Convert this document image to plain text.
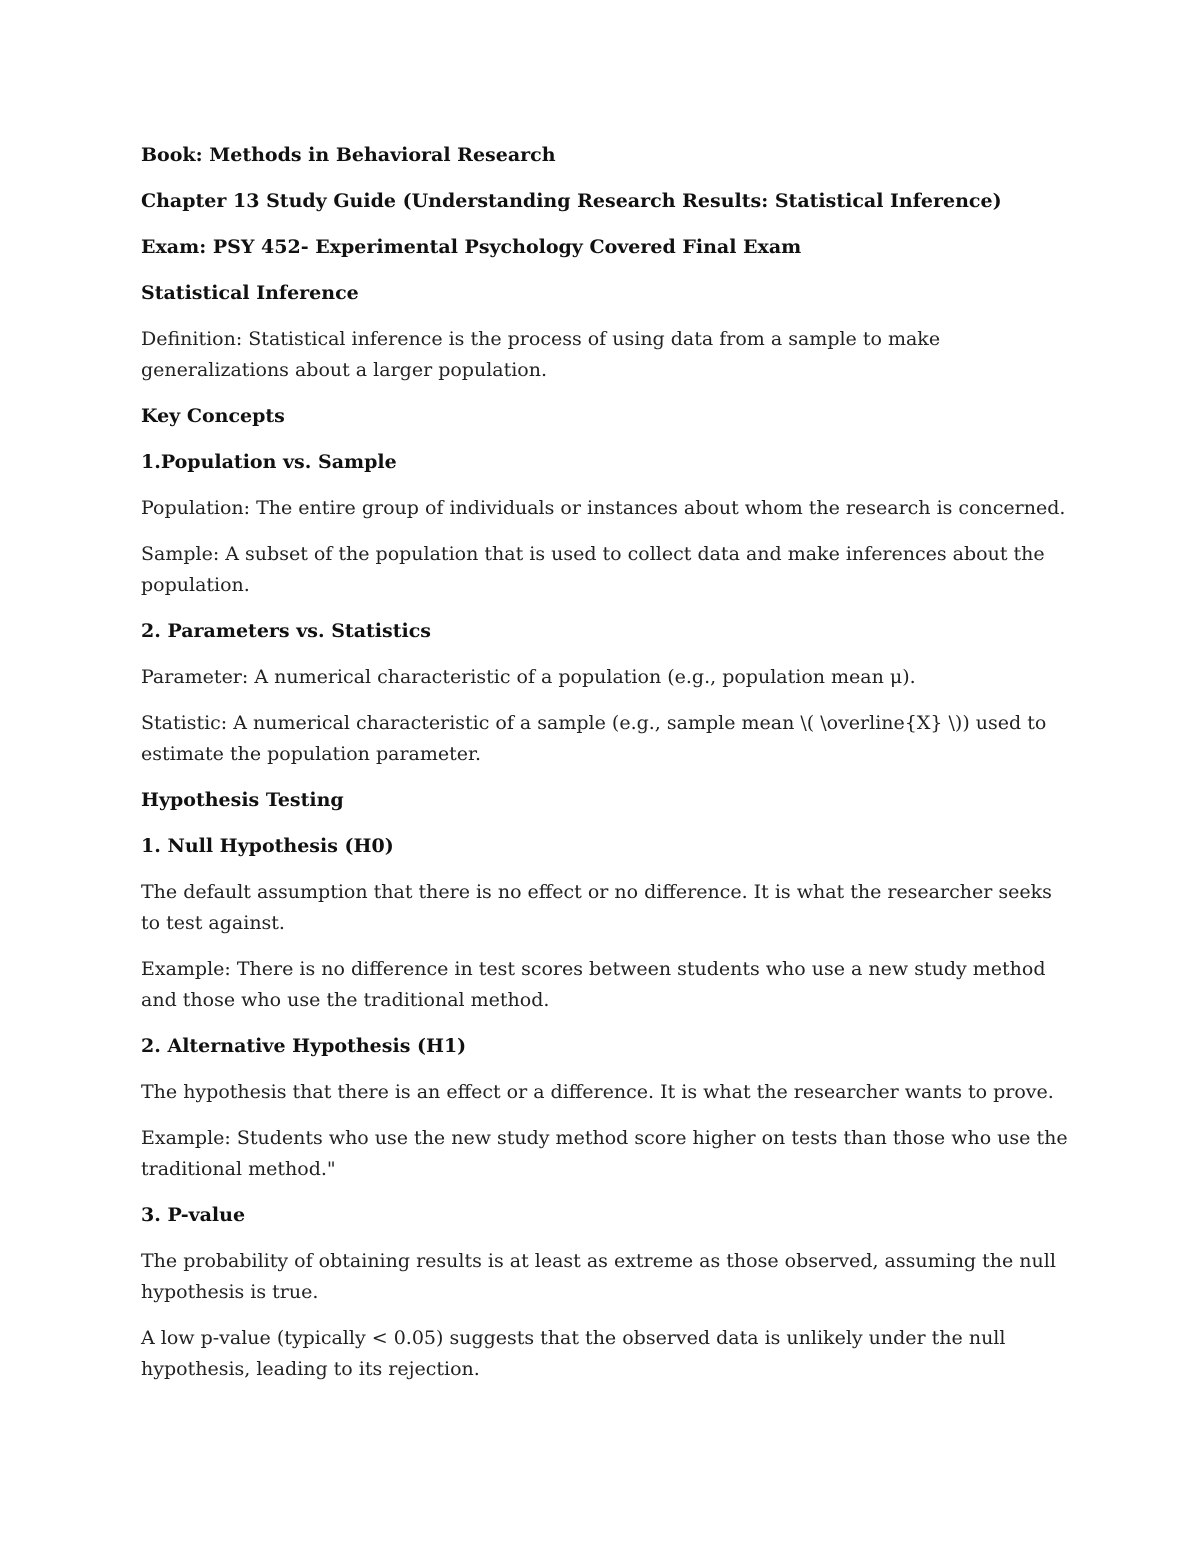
Book: Methods in Behavioral Research

Chapter 13 Study Guide (Understanding Research Results: Statistical Inference)

Exam: PSY 452- Experimental Psychology Covered Final Exam

Statistical Inference

Definition: Statistical inference is the process of using data from a sample to make generalizations about a larger population.

Key Concepts

1.Population vs. Sample

Population: The entire group of individuals or instances about whom the research is concerned.

Sample: A subset of the population that is used to collect data and make inferences about the population.

2. Parameters vs. Statistics

Parameter: A numerical characteristic of a population (e.g., population mean μ).

Statistic: A numerical characteristic of a sample (e.g., sample mean \( \overline{X} \)) used to estimate the population parameter.

Hypothesis Testing

1. Null Hypothesis (H0)

The default assumption that there is no effect or no difference. It is what the researcher seeks to test against.

Example: There is no difference in test scores between students who use a new study method and those who use the traditional method.

2. Alternative Hypothesis (H1)

The hypothesis that there is an effect or a difference. It is what the researcher wants to prove.

Example: Students who use the new study method score higher on tests than those who use the traditional method."

3. P-value

The probability of obtaining results is at least as extreme as those observed, assuming the null hypothesis is true.

A low p-value (typically < 0.05) suggests that the observed data is unlikely under the null hypothesis, leading to its rejection.
